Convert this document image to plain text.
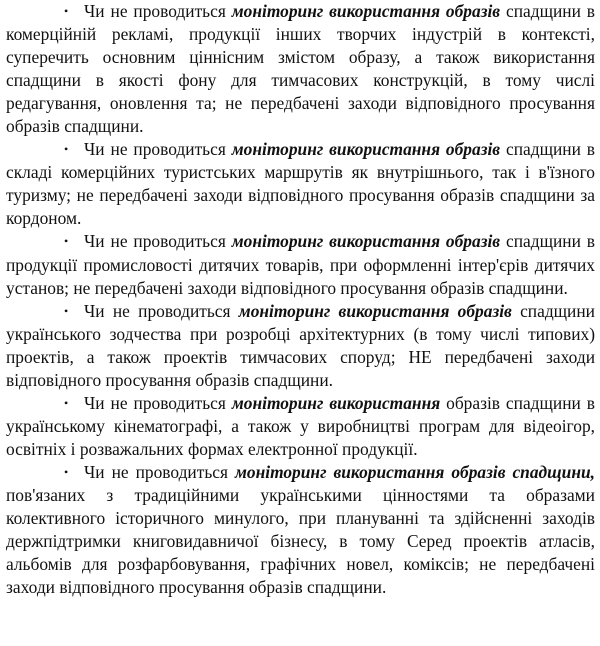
• Чи не проводиться моніторинг використання образів спадщини в комерційній рекламі, продукції інших творчих індустрій в контексті, суперечить основним ціннісним змістом образу, а також використання спадщини в якості фону для тимчасових конструкцій, в тому числі редагування, оновлення та; не передбачені заходи відповідного просування образів спадщини.

• Чи не проводиться моніторинг використання образів спадщини в складі комерційних туристських маршрутів як внутрішнього, так і в'їзного туризму; не передбачені заходи відповідного просування образів спадщини за кордоном.

• Чи не проводиться моніторинг використання образів спадщини в продукції промисловості дитячих товарів, при оформленні інтер'єрів дитячих установ; не передбачені заходи відповідного просування образів спадщини.

• Чи не проводиться моніторинг використання образів спадщини українського зодчества при розробці архітектурних (в тому числі типових) проектів, а також проектів тимчасових споруд; НЕ передбачені заходи відповідного просування образів спадщини.

• Чи не проводиться моніторинг використання образів спадщини в українському кінематографі, а також у виробництві програм для відеоігор, освітніх і розважальних формах електронної продукції.

• Чи не проводиться моніторинг використання образів спадщини, пов'язаних з традиційними українськими цінностями та образами колективного історичного минулого, при плануванні та здійсненні заходів держпідтримки книговидавничої бізнесу, в тому Серед проектів атласів, альбомів для розфарбовування, графічних новел, коміксів; не передбачені заходи відповідного просування образів спадщини.
